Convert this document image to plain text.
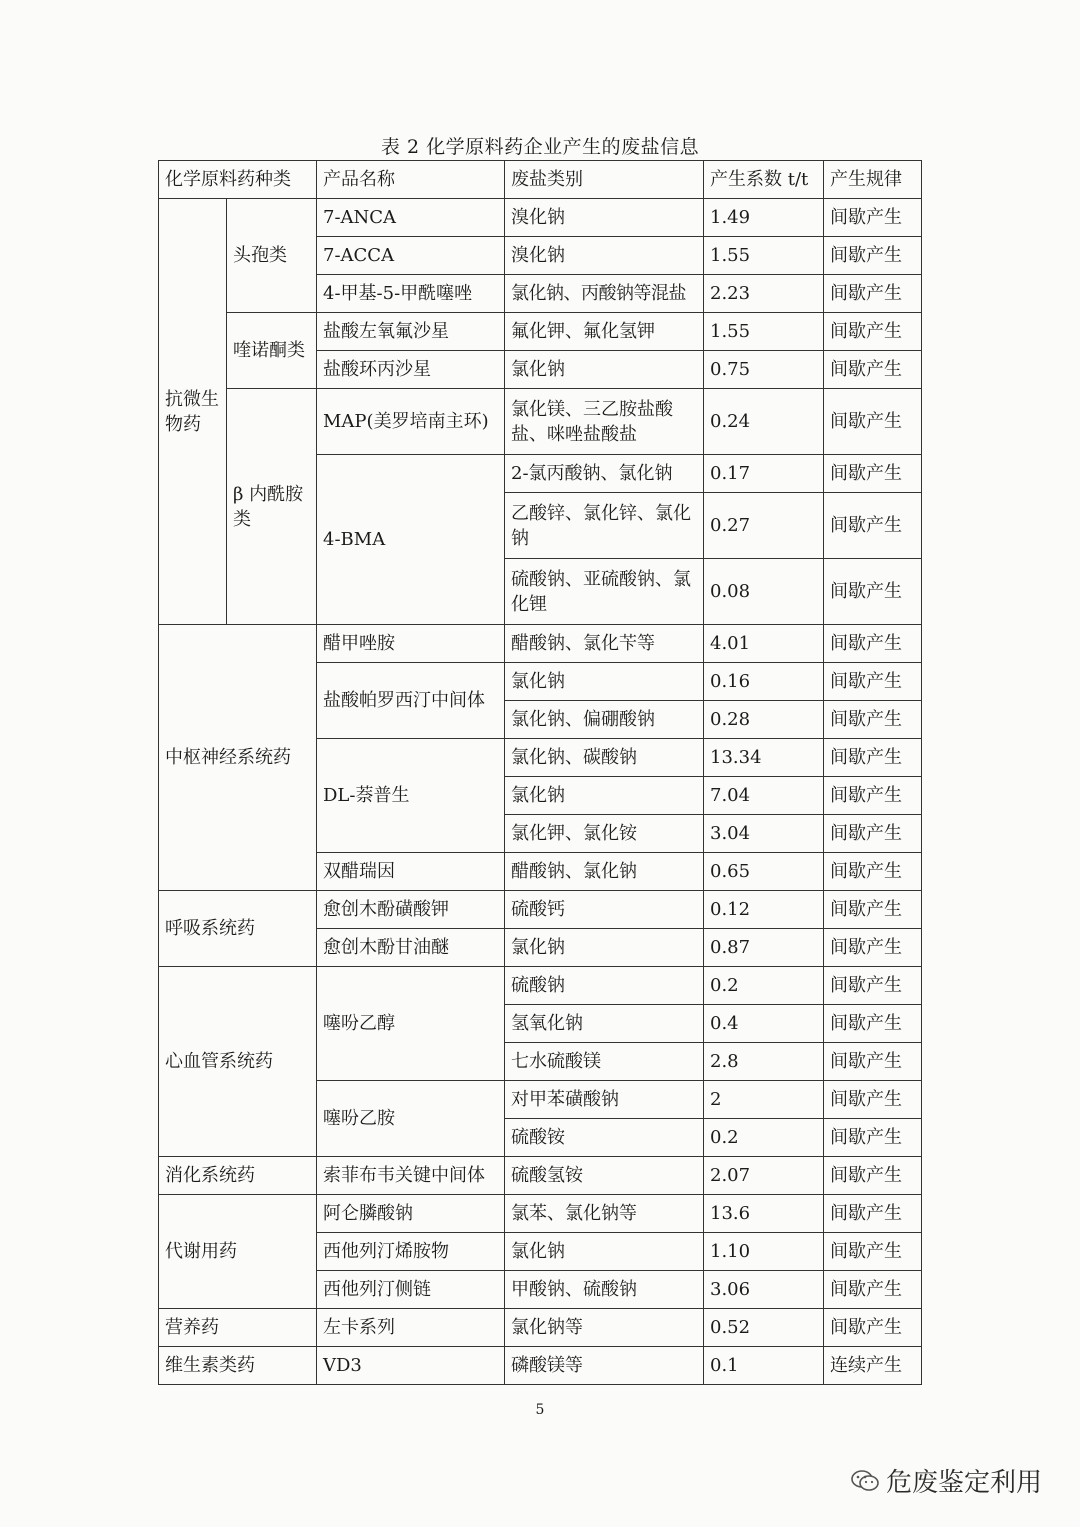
表 2 化学原料药企业产生的废盐信息
化学原料药种类		产品名称	废盐类别	产生系数 t/t	产生规律
抗微生物药	头孢类	7-ANCA	溴化钠	1.49	间歇产生
		7-ACCA	溴化钠	1.55	间歇产生
		4-甲基-5-甲酰噻唑	氯化钠、丙酸钠等混盐	2.23	间歇产生
	喹诺酮类	盐酸左氧氟沙星	氟化钾、氟化氢钾	1.55	间歇产生
		盐酸环丙沙星	氯化钠	0.75	间歇产生
	β 内酰胺类	MAP(美罗培南主环)	氯化镁、三乙胺盐酸盐、咪唑盐酸盐	0.24	间歇产生
		4-BMA	2-氯丙酸钠、氯化钠	0.17	间歇产生
			乙酸锌、氯化锌、氯化钠	0.27	间歇产生
			硫酸钠、亚硫酸钠、氯化锂	0.08	间歇产生
中枢神经系统药		醋甲唑胺	醋酸钠、氯化苄等	4.01	间歇产生
		盐酸帕罗西汀中间体	氯化钠	0.16	间歇产生
			氯化钠、偏硼酸钠	0.28	间歇产生
		DL-萘普生	氯化钠、碳酸钠	13.34	间歇产生
			氯化钠	7.04	间歇产生
			氯化钾、氯化铵	3.04	间歇产生
		双醋瑞因	醋酸钠、氯化钠	0.65	间歇产生
呼吸系统药		愈创木酚磺酸钾	硫酸钙	0.12	间歇产生
		愈创木酚甘油醚	氯化钠	0.87	间歇产生
心血管系统药		噻吩乙醇	硫酸钠	0.2	间歇产生
			氢氧化钠	0.4	间歇产生
			七水硫酸镁	2.8	间歇产生
		噻吩乙胺	对甲苯磺酸钠	2	间歇产生
			硫酸铵	0.2	间歇产生
消化系统药		索菲布韦关键中间体	硫酸氢铵	2.07	间歇产生
代谢用药		阿仑膦酸钠	氯苯、氯化钠等	13.6	间歇产生
		西他列汀烯胺物	氯化钠	1.10	间歇产生
		西他列汀侧链	甲酸钠、硫酸钠	3.06	间歇产生
营养药		左卡系列	氯化钠等	0.52	间歇产生
维生素类药		VD3	磷酸镁等	0.1	连续产生
5
危废鉴定利用
